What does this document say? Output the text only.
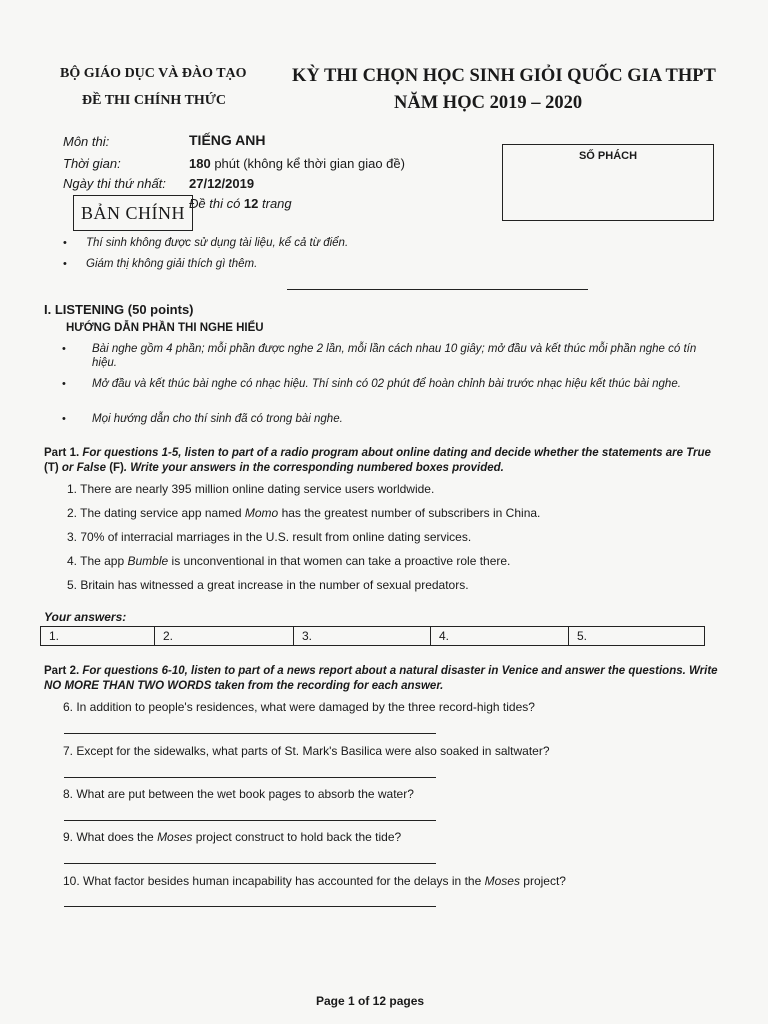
BỘ GIÁO DỤC VÀ ĐÀO TẠO
ĐỀ THI CHÍNH THỨC
KỲ THI CHỌN HỌC SINH GIỎI QUỐC GIA THPT
NĂM HỌC 2019 – 2020
Môn thi:	TIẾNG ANH
Thời gian:	180 phút (không kể thời gian giao đề)
Ngày thi thứ nhất: 27/12/2019
Đề thi có 12 trang
BẢN CHÍNH
SỐ PHÁCH
• Thí sinh không được sử dụng tài liệu, kể cả từ điển.
• Giám thị không giải thích gì thêm.
I. LISTENING (50 points)
HƯỚNG DẪN PHẦN THI NGHE HIỂU
• Bài nghe gồm 4 phần; mỗi phần được nghe 2 lần, mỗi lần cách nhau 10 giây; mở đầu và kết thúc mỗi phần nghe có tín hiệu.
• Mở đầu và kết thúc bài nghe có nhạc hiệu. Thí sinh có 02 phút để hoàn chỉnh bài trước nhạc hiệu kết thúc bài nghe.
• Mọi hướng dẫn cho thí sinh đã có trong bài nghe.
Part 1. For questions 1-5, listen to part of a radio program about online dating and decide whether the statements are True (T) or False (F). Write your answers in the corresponding numbered boxes provided.
1. There are nearly 395 million online dating service users worldwide.
2. The dating service app named Momo has the greatest number of subscribers in China.
3. 70% of interracial marriages in the U.S. result from online dating services.
4. The app Bumble is unconventional in that women can take a proactive role there.
5. Britain has witnessed a great increase in the number of sexual predators.
Your answers:
1.	2.	3.	4.	5.
Part 2. For questions 6-10, listen to part of a news report about a natural disaster in Venice and answer the questions. Write NO MORE THAN TWO WORDS taken from the recording for each answer.
6. In addition to people's residences, what were damaged by the three record-high tides?
7. Except for the sidewalks, what parts of St. Mark's Basilica were also soaked in saltwater?
8. What are put between the wet book pages to absorb the water?
9. What does the Moses project construct to hold back the tide?
10. What factor besides human incapability has accounted for the delays in the Moses project?
Page 1 of 12 pages
